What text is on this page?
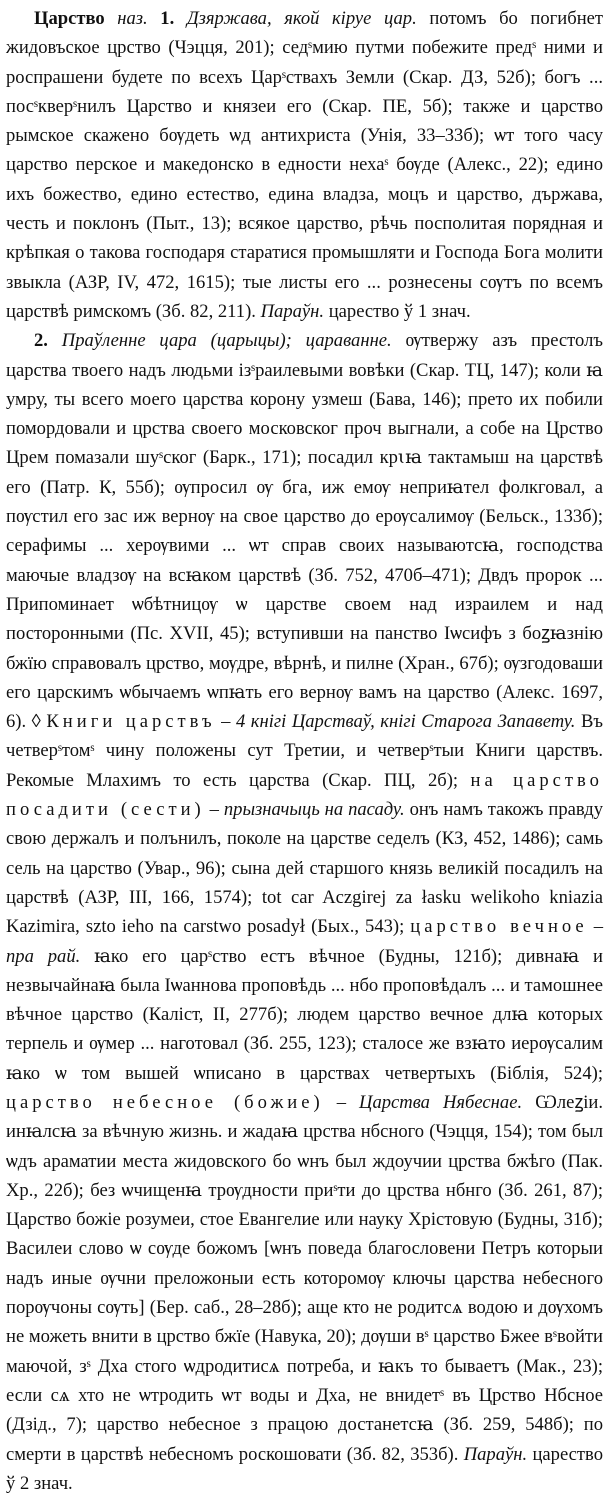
Царство наз. 1. Дзяржава, якой кіруе цар. потомъ бо погибнет жидовъское црство (Чэцця, 201); седˢмию путми побежите предˢ ними и роспрашени будете по всехъ Царˢствахъ Земли (Скар. ДЗ, 52б); богъ ... посˢкверˢнилъ Царство и князеи его (Скар. ПЕ, 5б); также и царство рымское скажено бѹдеть ѡд антихриста (Унія, 33–33б); ѡт того часу царство перское и македонско в едности нехаˢ бѹде (Алекс., 22); едино ихъ божество, едино естество, едина владза, моцъ и царство, държава, честь и поклонъ (Пыт., 13); всякое царство, рѣчь посполитая порядная и крѣпкая о такова господаря старатися промышляти и Господа Бога молити звыкла (АЗР, IV, 472, 1615); тые листы его ... рознесены сѹтъ по всемъ царствѣ римскомъ (Зб. 82, 211). Параўн. царество ў 1 знач.

2. Праўленне цара (царыцы); цараванне. ѹтвержу азъ престолъ царства твоего надъ людьми ізˢраилевыми вовѣки (Скар. ТЦ, 147); коли ꙗ умру, ты всего моего царства корону узмеш (Бава, 146); прето их побили помордовали и црства своего московског проч выгнали, а собе на Црство Црем помазали шуˢског (Барк., 171); посадил крꙇꙗ тактамыш на царствѣ его (Патр. К, 55б); ѹпросил ѹ бга, иж емѹ неприꙗтел фолкговал, а пѹстил его зас иж вернѹ на свое царство до ерѹсалимѹ (Бельск., 133б); серафимы ... херѹвими ... ѡт справ своих называютсꙗ, господства маючые владзѹ на всꙗком царствѣ (Зб. 752, 470б–471); Двдъ пророк ... Припоминает ѡбѣтницѹ ѡ царстве своем над израилем и над посторонными (Пс. XVII, 45); вступивши на панство Іѡсифъ з боꙁꙗзнію бжїю справовалъ црство, мѹдре, вѣрнѣ, и пилне (Хран., 67б); ѹзгодоваши его царскимъ ѡбычаемъ ѡпꙗть его вернѹ вамъ на царство (Алекс. 1697, 6). ◊ Книги царствъ – 4 кнігі Царстваў, кнігі Старога Запавету. Въ четверˢтомˢ чину положены сут Третии, и четверˢтыи Книги царствъ. Рекомые Млахимъ то есть царства (Скар. ПЦ, 2б); на царство посадити (сести) – прызначыць на пасаду. онъ намъ такожъ правду свою держалъ и полънилъ, поколе на царстве седелъ (КЗ, 452, 1486); самь сель на царство (Увар., 96); сына дей старшого князь великій посадилъ на царствѣ (АЗР, III, 166, 1574); tot car Aczgirej za łasku welikoho kniazia Kazimira, szto ieho na carstwo posadył (Бых., 543); царство вечное – пра рай. ꙗко его царˢство естъ вѣчное (Будны, 121б); дивнаꙗ и незвычайнаꙗ была Іѡаннова проповѣдь ... нбо проповѣдалъ ... и тамошнее вѣчное царство (Каліст, II, 277б); людем царство вечное длꙗ которых терпель и ѹмер ... наготовал (Зб. 255, 123); сталосе же взꙗто иерѹсалим ꙗко ѡ том вышей ѡписано в царствах четвертыхъ (Біблія, 524); царство небесное (божие) – Царства Нябеснае. Ѡлеꙁіи. инꙗлсꙗ за вѣчную жизнь. и жадаꙗ црства нбсного (Чэцця, 154); том был ѡдъ араматии места жидовского бо ѡнъ был ждоучии црства бжѣго (Пак. Хр., 22б); без ѡчищенꙗ трѹдности приˢти до црства нбнго (Зб. 261, 87); Царство божіе розумеи, стое Евангелие или науку Хрістовую (Будны, 31б); Василеи слово ѡ сѹде божомъ [ѡнъ повeда благословени Петръ которыи надъ иные ѹчни преложоныи есть которомѹ ключы царства небесного порѹчоны сѹть] (Бер. саб., 28–28б); аще кто не родитсѧ водою и дѹхомъ не можеть внити в црство бжїе (Навука, 20); дѹши вˢ царство Бжее вˢвойти маючой, зˢ Дха стого ѡдродитисѧ потреба, и ꙗкъ то бываетъ (Мак., 23); если сѧ хто не ѡтродить ѡт воды и Дха, не внидетˢ въ Црство Нбсное (Дзід., 7); царство небесное з працою достанетсꙗ (Зб. 259, 548б); по смерти в царствѣ небесномъ роскошовати (Зб. 82, 353б). Параўн. царество ў 2 знач.
